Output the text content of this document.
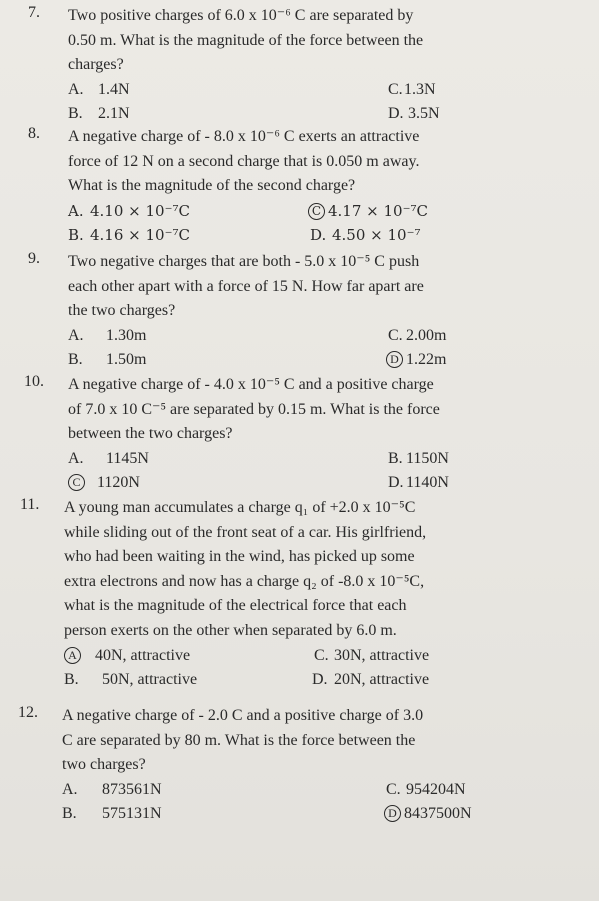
7.	Two positive charges of 6.0 x 10⁻⁶ C are separated by

0.50 m. What is the magnitude of the force between the

charges?

A. 1.4N	C.1.3N
B. 2.1N	D. 3.5N
8.	A negative charge of - 8.0 x 10⁻⁶ C exerts an attractive

force of 12 N on a second charge that is 0.050 m away.

What is the magnitude of the second charge?

A. 4.10 × 10⁻⁷C	C 4.17 × 10⁻⁷C
B. 4.16 × 10⁻⁷C	D. 4.50 × 10⁻⁷
9.	Two negative charges that are both - 5.0 x 10⁻⁵ C push

each other apart with a force of 15 N. How far apart are

the two charges?

A. 1.30m	C. 2.00m
B. 1.50m	D 1.22m
10.	A negative charge of - 4.0 x 10⁻⁵ C and a positive charge

of 7.0 x 10 C⁻⁵ are separated by 0.15 m. What is the force

between the two charges?

A. 1145N	B. 1150N
C 1120N	D. 1140N
11.	A young man accumulates a charge q₁ of +2.0 x 10⁻⁵C

while sliding out of the front seat of a car. His girlfriend,

who had been waiting in the wind, has picked up some

extra electrons and now has a charge q₂ of -8.0 x 10⁻⁵C,

what is the magnitude of the electrical force that each

person exerts on the other when separated by 6.0 m.

A 40N, attractive	C. 30N, attractive
B. 50N, attractive	D. 20N, attractive
12.	A negative charge of - 2.0 C and a positive charge of 3.0

C are separated by 80 m. What is the force between the

two charges?

A. 873561N	C. 954204N
B. 575131N	D 8437500N
